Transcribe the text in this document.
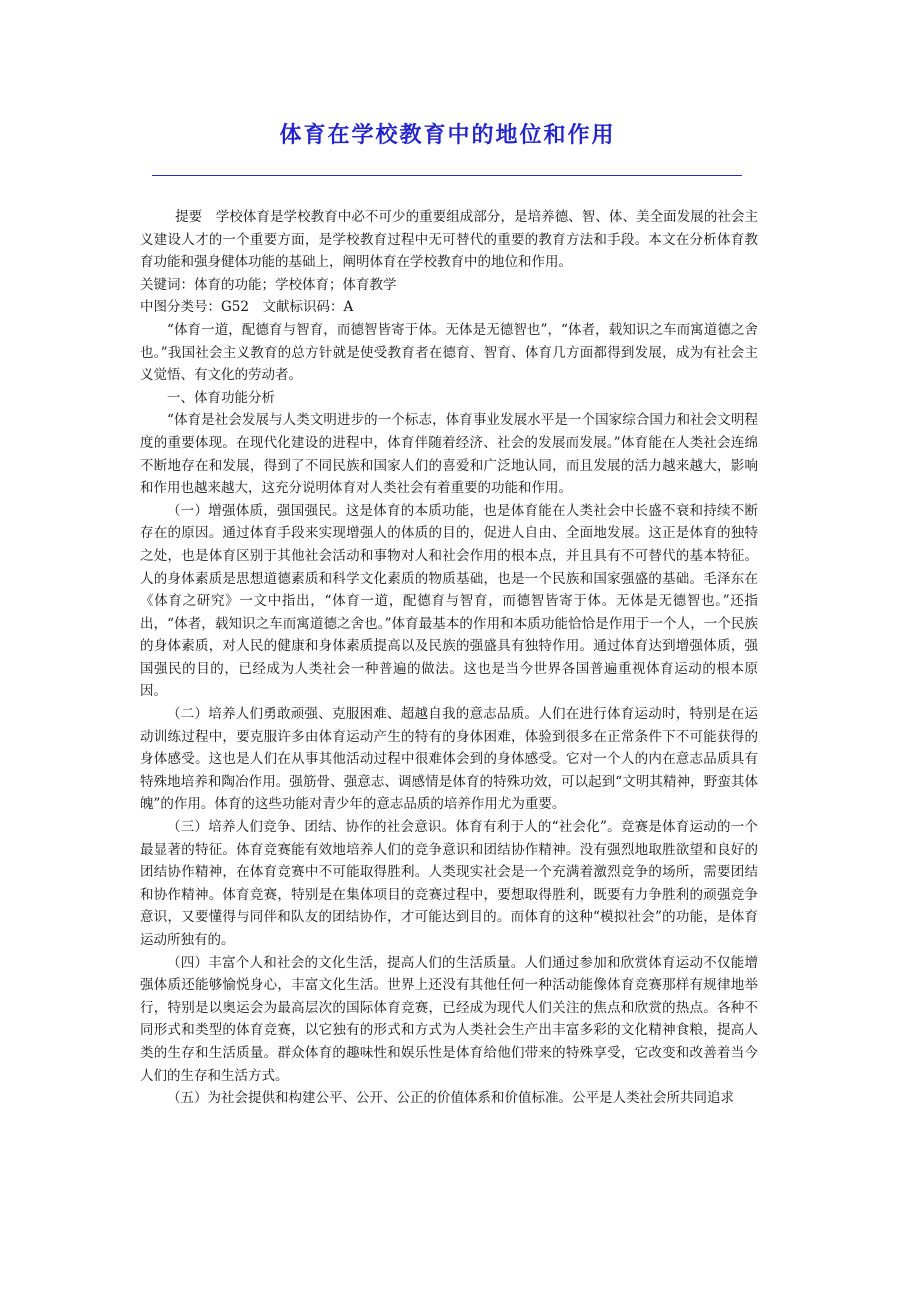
体育在学校教育中的地位和作用

提要　学校体育是学校教育中必不可少的重要组成部分，是培养德、智、体、美全面发展的社会主义建设人才的一个重要方面，是学校教育过程中无可替代的重要的教育方法和手段。本文在分析体育教育功能和强身健体功能的基础上，阐明体育在学校教育中的地位和作用。

关键词：体育的功能；学校体育；体育教学

中图分类号：G52　文献标识码：A

“体育一道，配德育与智育，而德智皆寄于体。无体是无德智也”，“体者，载知识之车而寓道德之舍也。”我国社会主义教育的总方针就是使受教育者在德育、智育、体育几方面都得到发展，成为有社会主义觉悟、有文化的劳动者。

一、体育功能分析

“体育是社会发展与人类文明进步的一个标志，体育事业发展水平是一个国家综合国力和社会文明程度的重要体现。在现代化建设的进程中，体育伴随着经济、社会的发展而发展。”体育能在人类社会连绵不断地存在和发展，得到了不同民族和国家人们的喜爱和广泛地认同，而且发展的活力越来越大，影响和作用也越来越大，这充分说明体育对人类社会有着重要的功能和作用。

（一）增强体质，强国强民。这是体育的本质功能，也是体育能在人类社会中长盛不衰和持续不断存在的原因。通过体育手段来实现增强人的体质的目的，促进人自由、全面地发展。这正是体育的独特之处，也是体育区别于其他社会活动和事物对人和社会作用的根本点，并且具有不可替代的基本特征。人的身体素质是思想道德素质和科学文化素质的物质基础，也是一个民族和国家强盛的基础。毛泽东在《体育之研究》一文中指出，“体育一道，配德育与智育，而德智皆寄于体。无体是无德智也。”还指出，“体者，载知识之车而寓道德之舍也。”体育最基本的作用和本质功能恰恰是作用于一个人，一个民族的身体素质，对人民的健康和身体素质提高以及民族的强盛具有独特作用。通过体育达到增强体质，强国强民的目的，已经成为人类社会一种普遍的做法。这也是当今世界各国普遍重视体育运动的根本原因。

（二）培养人们勇敢顽强、克服困难、超越自我的意志品质。人们在进行体育运动时，特别是在运动训练过程中，要克服许多由体育运动产生的特有的身体困难，体验到很多在正常条件下不可能获得的身体感受。这也是人们在从事其他活动过程中很难体会到的身体感受。它对一个人的内在意志品质具有特殊地培养和陶冶作用。强筋骨、强意志、调感情是体育的特殊功效，可以起到“文明其精神，野蛮其体魄”的作用。体育的这些功能对青少年的意志品质的培养作用尤为重要。

（三）培养人们竞争、团结、协作的社会意识。体育有利于人的“社会化”。竞赛是体育运动的一个最显著的特征。体育竞赛能有效地培养人们的竞争意识和团结协作精神。没有强烈地取胜欲望和良好的团结协作精神，在体育竞赛中不可能取得胜利。人类现实社会是一个充满着激烈竞争的场所，需要团结和协作精神。体育竞赛，特别是在集体项目的竞赛过程中，要想取得胜利，既要有力争胜利的顽强竞争意识，又要懂得与同伴和队友的团结协作，才可能达到目的。而体育的这种“模拟社会”的功能，是体育运动所独有的。

（四）丰富个人和社会的文化生活，提高人们的生活质量。人们通过参加和欣赏体育运动不仅能增强体质还能够愉悦身心，丰富文化生活。世界上还没有其他任何一种活动能像体育竞赛那样有规律地举行，特别是以奥运会为最高层次的国际体育竞赛，已经成为现代人们关注的焦点和欣赏的热点。各种不同形式和类型的体育竞赛，以它独有的形式和方式为人类社会生产出丰富多彩的文化精神食粮，提高人类的生存和生活质量。群众体育的趣味性和娱乐性是体育给他们带来的特殊享受，它改变和改善着当今人们的生存和生活方式。

（五）为社会提供和构建公平、公开、公正的价值体系和价值标准。公平是人类社会所共同追求
